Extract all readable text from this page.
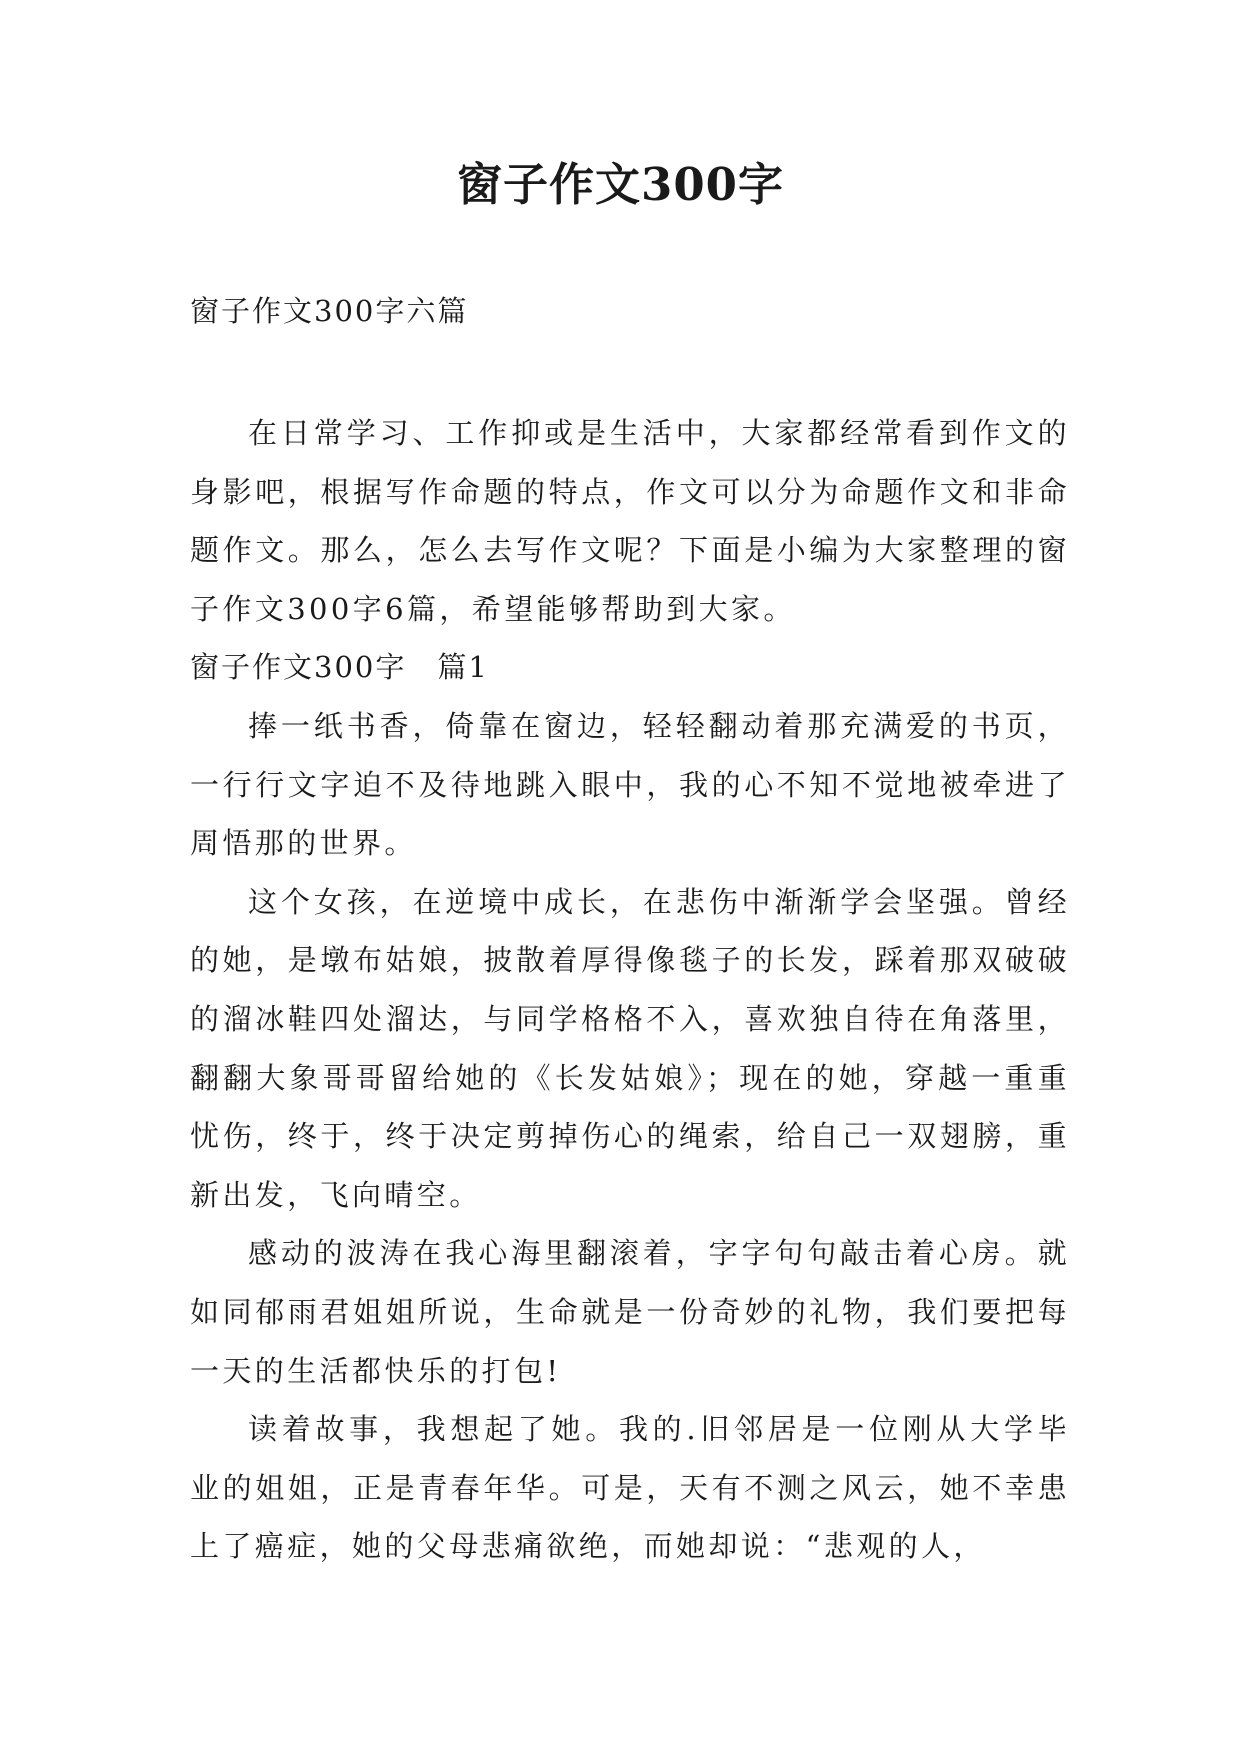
窗子作文300字

窗子作文300字六篇

在日常学习、工作抑或是生活中，大家都经常看到作文的身影吧，根据写作命题的特点，作文可以分为命题作文和非命题作文。那么，怎么去写作文呢？下面是小编为大家整理的窗子作文300字6篇，希望能够帮助到大家。

窗子作文300字　篇1

捧一纸书香，倚靠在窗边，轻轻翻动着那充满爱的书页，一行行文字迫不及待地跳入眼中，我的心不知不觉地被牵进了周悟那的世界。

这个女孩，在逆境中成长，在悲伤中渐渐学会坚强。曾经的她，是墩布姑娘，披散着厚得像毯子的长发，踩着那双破破的溜冰鞋四处溜达，与同学格格不入，喜欢独自待在角落里，翻翻大象哥哥留给她的《长发姑娘》；现在的她，穿越一重重忧伤，终于，终于决定剪掉伤心的绳索，给自己一双翅膀，重新出发，飞向晴空。

感动的波涛在我心海里翻滚着，字字句句敲击着心房。就如同郁雨君姐姐所说，生命就是一份奇妙的礼物，我们要把每一天的生活都快乐的打包!

读着故事，我想起了她。我的.旧邻居是一位刚从大学毕业的姐姐，正是青春年华。可是，天有不测之风云，她不幸患上了癌症，她的父母悲痛欲绝，而她却说：“悲观的人，
